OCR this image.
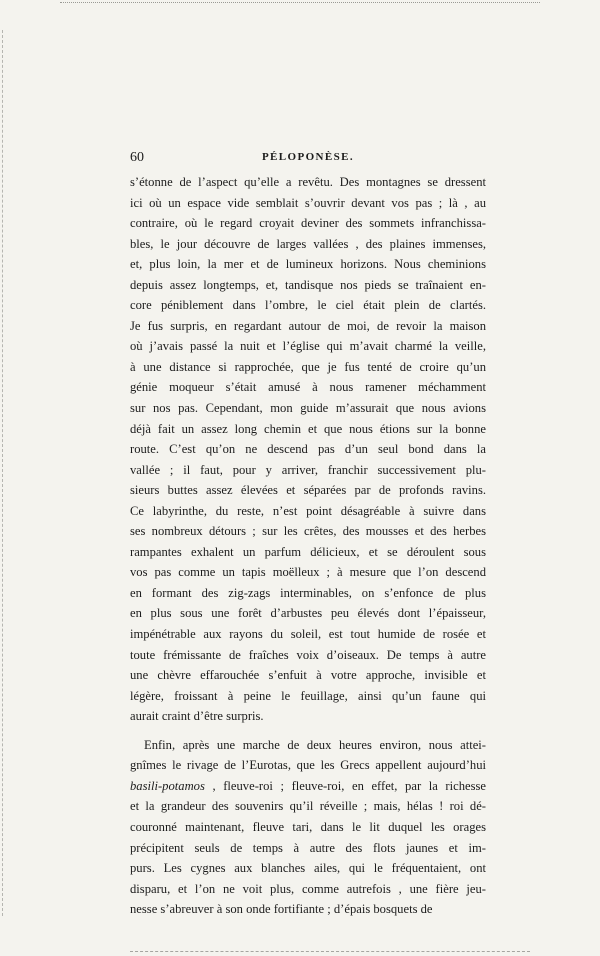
60	PÉLOPONÈSE.
s’étonne de l’aspect qu’elle a revêtu. Des montagnes se dressent
ici où un espace vide semblait s’ouvrir devant vos pas ; là , au
contraire, où le regard croyait deviner des sommets infranchissa-
bles, le jour découvre de larges vallées , des plaines immenses,
et, plus loin, la mer et de lumineux horizons. Nous cheminions
depuis assez longtemps, et, tandisque nos pieds se traînaient en-
core péniblement dans l’ombre, le ciel était plein de clartés.
Je fus surpris, en regardant autour de moi, de revoir la maison
où j’avais passé la nuit et l’église qui m’avait charmé la veille,
à une distance si rapprochée, que je fus tenté de croire qu’un
génie moqueur s’était amusé à nous ramener méchamment
sur nos pas. Cependant, mon guide m’assurait que nous avions
déjà fait un assez long chemin et que nous étions sur la bonne
route. C’est qu’on ne descend pas d’un seul bond dans la
vallée ; il faut, pour y arriver, franchir successivement plu-
sieurs buttes assez élevées et séparées par de profonds ravins.
Ce labyrinthe, du reste, n’est point désagréable à suivre dans
ses nombreux détours ; sur les crêtes, des mousses et des herbes
rampantes exhalent un parfum délicieux, et se déroulent sous
vos pas comme un tapis moëlleux ; à mesure que l’on descend
en formant des zig-zags interminables, on s’enfonce de plus
en plus sous une forêt d’arbustes peu élevés dont l’épaisseur,
impénétrable aux rayons du soleil, est tout humide de rosée et
toute frémissante de fraîches voix d’oiseaux. De temps à autre
une chèvre effarouchée s’enfuit à votre approche, invisible et
légère, froissant à peine le feuillage, ainsi qu’un faune qui
aurait craint d’être surpris.
Enfin, après une marche de deux heures environ, nous attei-
gnîmes le rivage de l’Eurotas, que les Grecs appellent aujourd’hui
basili-potamos , fleuve-roi ; fleuve-roi, en effet, par la richesse
et la grandeur des souvenirs qu’il réveille ; mais, hélas ! roi dé-
couronné maintenant, fleuve tari, dans le lit duquel les orages
précipitent seuls de temps à autre des flots jaunes et im-
purs. Les cygnes aux blanches ailes, qui le fréquentaient, ont
disparu, et l’on ne voit plus, comme autrefois , une fière jeu-
nesse s’abreuver à son onde fortifiante ; d’épais bosquets de
